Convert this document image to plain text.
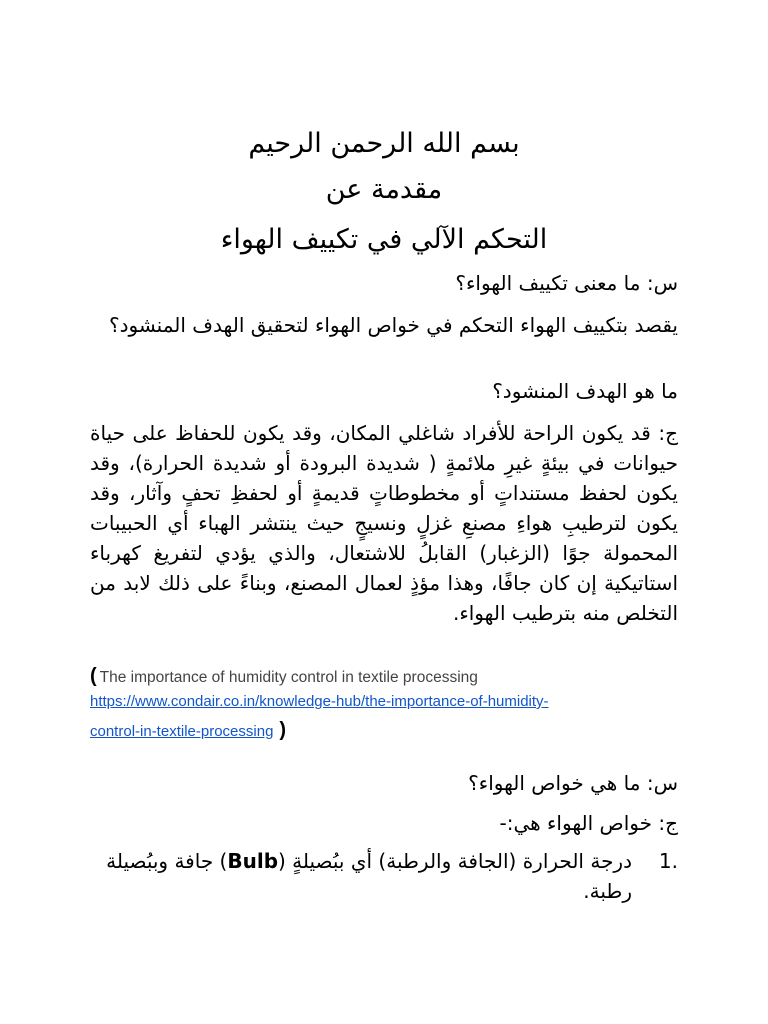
بسم الله الرحمن الرحيم
مقدمة عن
التحكم الآلي في تكييف الهواء
س: ما معنى تكييف الهواء؟
يقصد بتكييف الهواء التحكم في خواص الهواء لتحقيق الهدف المنشود؟
ما هو الهدف المنشود؟
ج: قد يكون الراحة للأفراد شاغلي المكان، وقد يكون للحفاظ على حياة حيوانات في بيئةٍ غيرِ ملائمةٍ ( شديدة البرودة أو شديدة الحرارة)، وقد يكون لحفظ مستنداتٍ أو مخطوطاتٍ قديمةٍ أو لحفظِ تحفٍ وآثار، وقد يكون لترطيبِ هواءِ مصنعِ غزلٍ ونسيجٍ حيث ينتشر الهباء أي الحبيبات المحمولة جوًا (الزغبار) القابلُ للاشتعال، والذي يؤدي لتفريغ كهرباء استاتيكية إن كان جافًا، وهذا مؤذٍ لعمال المصنع، وبناءً على ذلك لابد من التخلص منه بترطيب الهواء.
( The importance of humidity control in textile processing
https://www.condair.co.in/knowledge-hub/the-importance-of-humidity-
control-in-textile-processing )
س: ما هي خواص الهواء؟
ج: خواص الهواء هي:-
1.
درجة الحرارة (الجافة والرطبة) أي ببُصيلةٍ (Bulb) جافة وببُصيلة رطبة.
